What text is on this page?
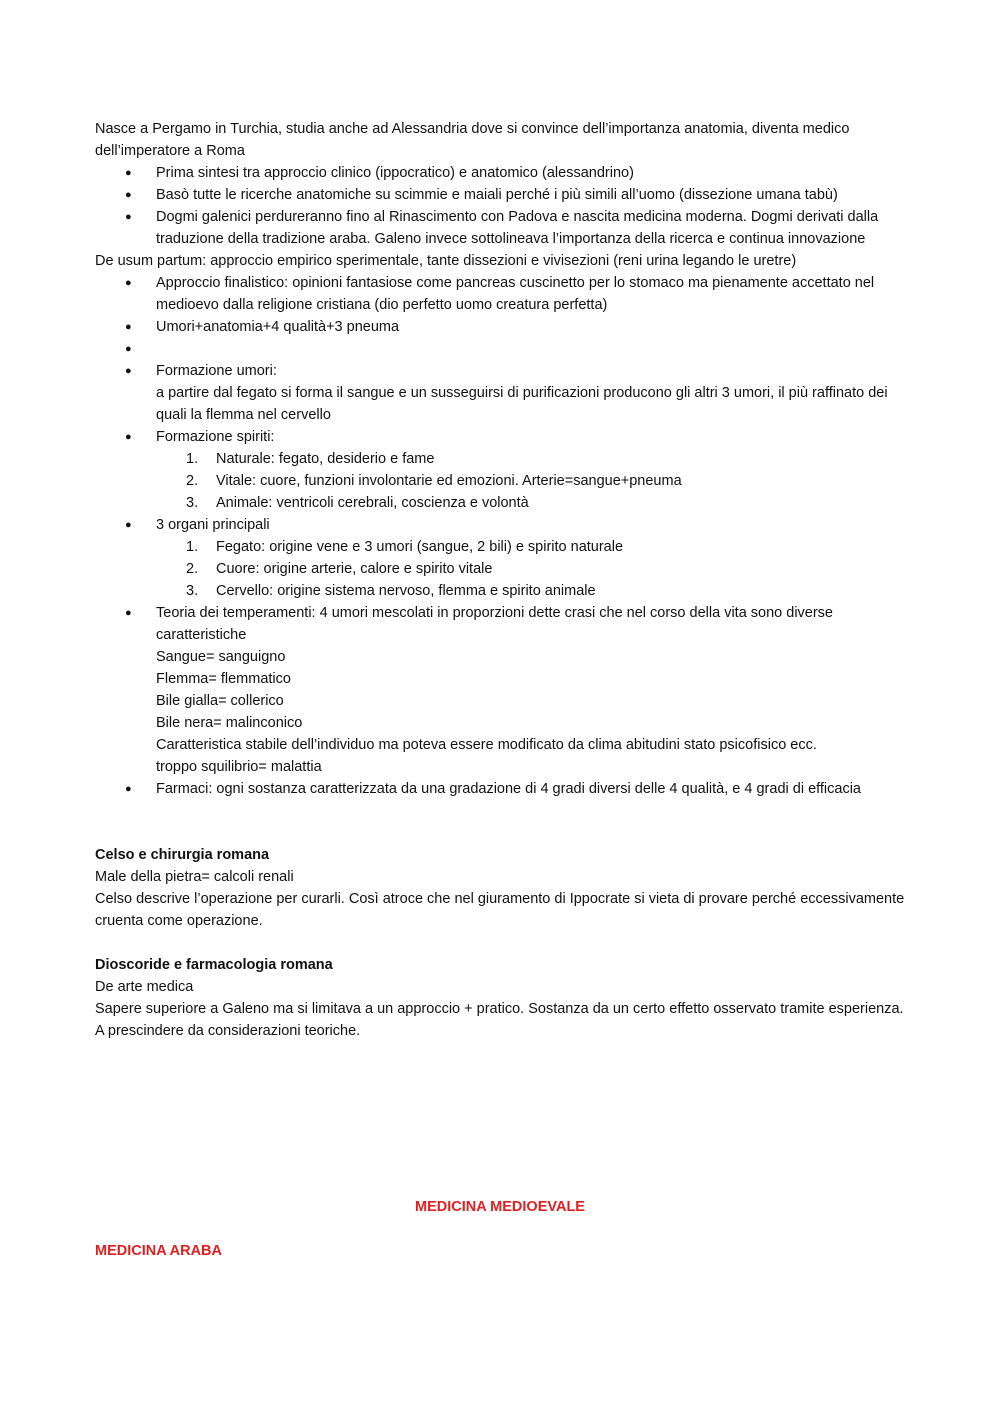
Nasce a Pergamo in Turchia, studia anche ad Alessandria dove si convince dell’importanza anatomia, diventa medico dell’imperatore a Roma

● Prima sintesi tra approccio clinico (ippocratico) e anatomico (alessandrino)
● Basò tutte le ricerche anatomiche su scimmie e maiali perché i più simili all’uomo (dissezione umana tabù)
● Dogmi galenici perdureranno fino al Rinascimento con Padova e nascita medicina moderna. Dogmi derivati dalla traduzione della tradizione araba. Galeno invece sottolineava l’importanza della ricerca e continua innovazione

De usum partum: approccio empirico sperimentale, tante dissezioni e vivisezioni (reni urina legando le uretre)

● Approccio finalistico: opinioni fantasiose come pancreas cuscinetto per lo stomaco ma pienamente accettato nel medioevo dalla religione cristiana (dio perfetto uomo creatura perfetta)
● Umori+anatomia+4 qualità+3 pneuma
●
● Formazione umori:
a partire dal fegato si forma il sangue e un susseguirsi di purificazioni producono gli altri 3 umori, il più raffinato dei quali la flemma nel cervello
● Formazione spiriti:
1. Naturale: fegato, desiderio e fame
2. Vitale: cuore, funzioni involontarie ed emozioni. Arterie=sangue+pneuma
3. Animale: ventricoli cerebrali, coscienza e volontà
● 3 organi principali
1. Fegato: origine vene e 3 umori (sangue, 2 bili) e spirito naturale
2. Cuore: origine arterie, calore e spirito vitale
3. Cervello: origine sistema nervoso, flemma e spirito animale
● Teoria dei temperamenti: 4 umori mescolati in proporzioni dette crasi che nel corso della vita sono diverse caratteristiche
Sangue= sanguigno
Flemma= flemmatico
Bile gialla= collerico
Bile nera= malinconico
Caratteristica stabile dell’individuo ma poteva essere modificato da clima abitudini stato psicofisico ecc.
troppo squilibrio= malattia
● Farmaci: ogni sostanza caratterizzata da una gradazione di 4 gradi diversi delle 4 qualità, e 4 gradi di efficacia

Celso e chirurgia romana

Male della pietra= calcoli renali

Celso descrive l’operazione per curarli. Così atroce che nel giuramento di Ippocrate si vieta di provare perché eccessivamente cruenta come operazione.

Dioscoride e farmacologia romana

De arte medica

Sapere superiore a Galeno ma si limitava a un approccio + pratico. Sostanza da un certo effetto osservato tramite esperienza. A prescindere da considerazioni teoriche.

MEDICINA MEDIOEVALE

MEDICINA ARABA
